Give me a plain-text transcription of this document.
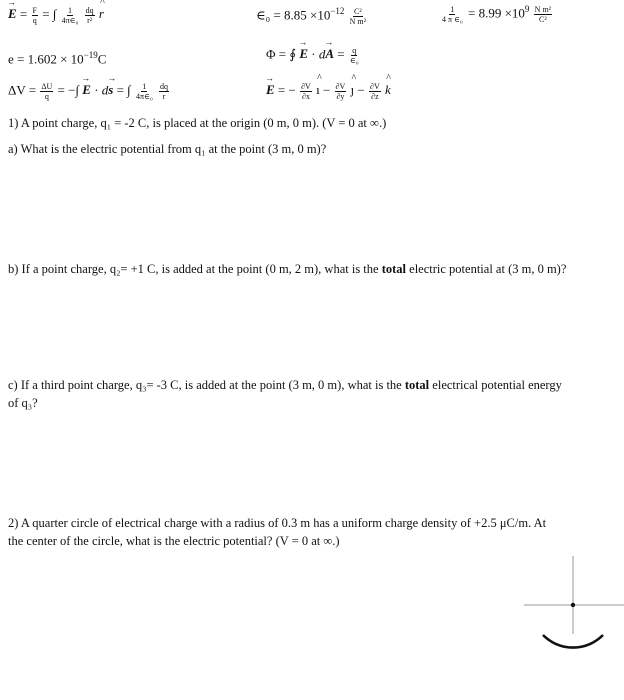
→ $E = \frac{F}{q}$ = ∫ $\frac{1}{\text{4π∈₀}}$
$\frac{dq}{\text{r²}}$ ^ r	∈₀ = $8.85 \times 10^{-12} \frac{\text{C²}}{\text{N m²}}$	$\frac{1}{\text{4 π ∈₀}} = 8.99 \times 10^9 \frac{\text{N m²}}{\text{C²}}$
$e = 1.602 \times 10^{-19}C$	Φ = ∮ → $E \cdot d\to A = \frac{q}{\text{∈₀}}$
$\Delta V = \frac{\Delta U}{q}$ = −∫ → E · d→ s = ∫ $\frac{1}{\text{4π∈₀}}$
$\frac{dq}{r}$	→ E = − $\frac{\partial V}{\partial x}$ ^ ı − $\frac{\partial V}{\partial y}$ ^ ȷ − $\frac{\partial V}{\partial z}$ ^ k
1) A point charge, q₁ = -2 C, is placed at the origin (0 m, 0 m). (V = 0 at ∞.)
a) What is the electric potential from q₁ at the point (3 m, 0 m)?
b) If a point charge, q₂= +1 C, is added at the point (0 m, 2 m), what is the total electric potential at (3 m, 0 m)?
c) If a third point charge, q₃= -3 C, is added at the point (3 m, 0 m), what is the total electrical potential energy
of q₃?
2) A quarter circle of electrical charge with a radius of 0.3 m has a uniform charge density of +2.5 μC/m. At
the center of the circle, what is the electric potential? (V = 0 at ∞.)
